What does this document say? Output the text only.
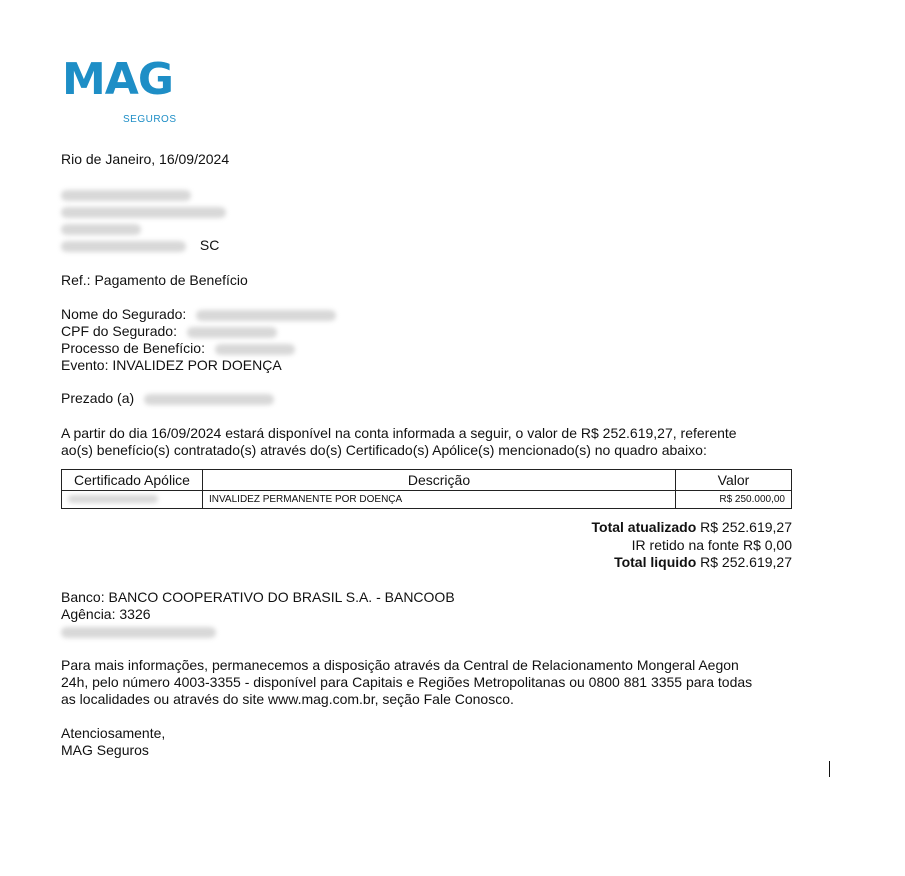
MAG
SEGUROS
Rio de Janeiro, 16/09/2024
SC
Ref.: Pagamento de Benefício
Nome do Segurado:
CPF do Segurado:
Processo de Benefício:
Evento: INVALIDEZ POR DOENÇA
Prezado (a)
A partir do dia 16/09/2024 estará disponível na conta informada a seguir, o valor de R$ 252.619,27, referente
ao(s) benefício(s) contratado(s) através do(s) Certificado(s) Apólice(s) mencionado(s) no quadro abaixo:
Certificado Apólice	Descrição	Valor
	INVALIDEZ PERMANENTE POR DOENÇA	R$ 250.000,00
Total atualizado R$ 252.619,27
IR retido na fonte R$ 0,00
Total liquido R$ 252.619,27
Banco: BANCO COOPERATIVO DO BRASIL S.A. - BANCOOB
Agência: 3326
Para mais informações, permanecemos a disposição através da Central de Relacionamento Mongeral Aegon
24h, pelo número 4003-3355 - disponível para Capitais e Regiões Metropolitanas ou 0800 881 3355 para todas
as localidades ou através do site www.mag.com.br, seção Fale Conosco.
Atenciosamente,
MAG Seguros
